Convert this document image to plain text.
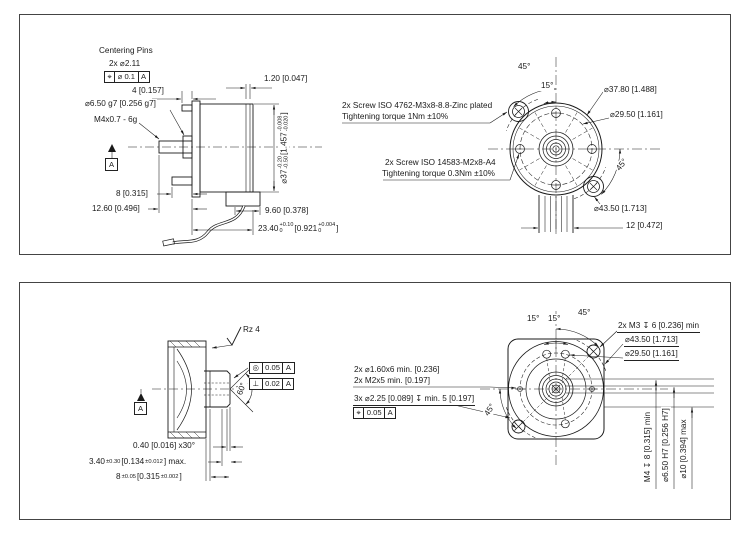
Centering Pins
2x ⌀2.11
⌖ ⌀ 0.1 A
4 [0.157]
⌀6.50 g7 [0.256 g7]
M4x0.7 - 6g
1.20 [0.047]
A
8 [0.315]
12.60 [0.496]
⌀37
-0.20 -0.50
[1.457
-0.008 -0.020
]
9.60 [0.378]
23.40 +0.10
0	[0.921 +0.004
0	]
2x Screw ISO 4762-M3x8-8.8-Zinc plated
Tightening torque 1Nm ±10%
2x Screw ISO 14583-M2x8-A4
Tightening torque 0.3Nm ±10%
45°
15°
45°
⌀37.80 [1.488]
⌀29.50 [1.161]
⌀43.50 [1.713]
12 [0.472]
Rz 4
◎ 0.05 A
⊥ 0.02 A
60°
A
0.40 [0.016] x30°
3.40 ±0.30 [0.134 ±0.012 ] max.
8 ±0.05 [0.315 ±0.002 ]
2x ⌀1.60x6 min. [0.236]
2x M2x5 min. [0.197]
3x ⌀2.25 [0.089] ↧ min. 5 [0.197]
⌖ 0.05 A
15° 15°
45°
45°
2x M3 ↧ 6 [0.236] min
⌀43.50 [1.713]
⌀29.50 [1.161]
M4 ↧ 8 [0.315] min ⌀6.50 H7 [0.256 H7] ⌀10 [0.394] max
